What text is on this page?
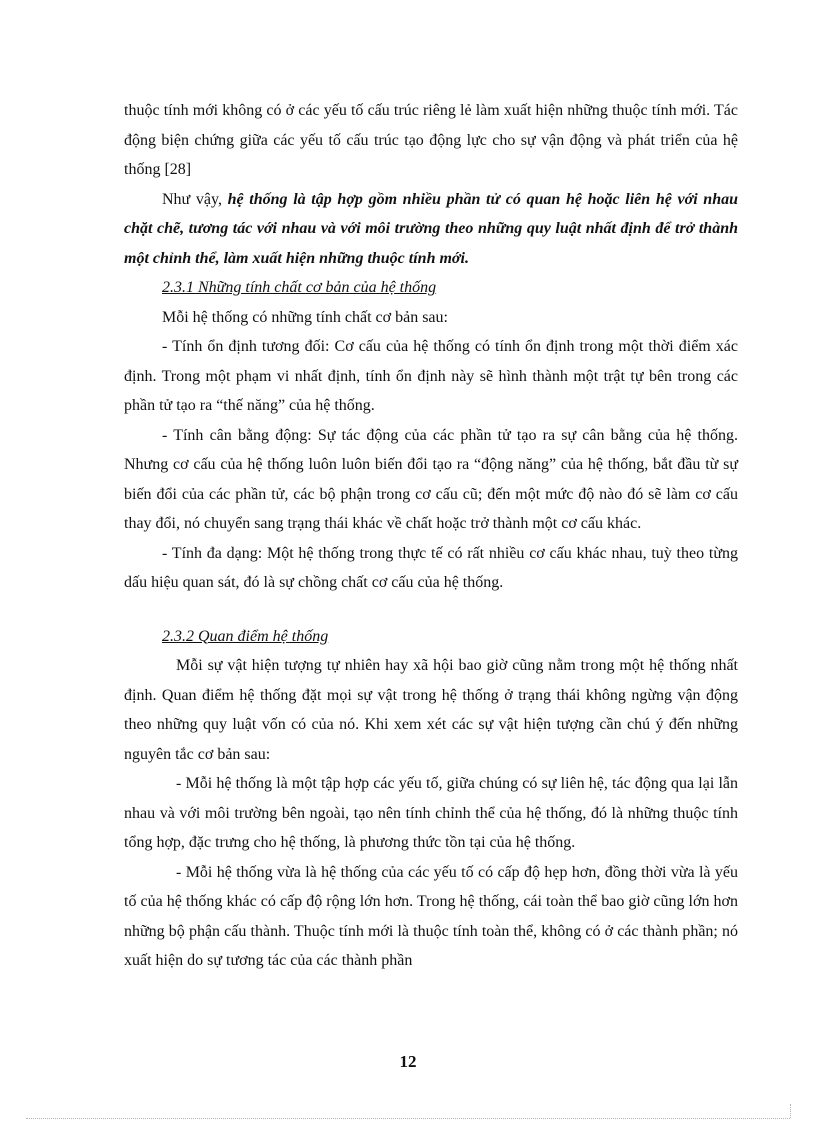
thuộc tính mới không có ở các yếu tố cấu trúc riêng lẻ làm xuất hiện những thuộc tính mới. Tác động biện chứng giữa các yếu tố cấu trúc tạo động lực cho sự vận động và phát triển của hệ thống [28]

Như vậy, hệ thống là tập hợp gồm nhiều phần tử có quan hệ hoặc liên hệ với nhau chặt chẽ, tương tác với nhau và với môi trường theo những quy luật nhất định để trở thành một chỉnh thể, làm xuất hiện những thuộc tính mới.

2.3.1 Những tính chất cơ bản của hệ thống

Mỗi hệ thống có những tính chất cơ bản sau:

- Tính ổn định tương đối: Cơ cấu của hệ thống có tính ổn định trong một thời điểm xác định. Trong một phạm vi nhất định, tính ổn định này sẽ hình thành một trật tự bên trong các phần tử tạo ra “thế năng” của hệ thống.

- Tính cân bằng động: Sự tác động của các phần tử tạo ra sự cân bằng của hệ thống. Nhưng cơ cấu của hệ thống luôn luôn biến đổi tạo ra “động năng” của hệ thống, bắt đầu từ sự biến đổi của các phần tử, các bộ phận trong cơ cấu cũ; đến một mức độ nào đó sẽ làm cơ cấu thay đổi, nó chuyển sang trạng thái khác về chất hoặc trở thành một cơ cấu khác.

- Tính đa dạng: Một hệ thống trong thực tế có rất nhiều cơ cấu khác nhau, tuỳ theo từng dấu hiệu quan sát, đó là sự chồng chất cơ cấu của hệ thống.

2.3.2 Quan điểm hệ thống

Mỗi sự vật hiện tượng tự nhiên hay xã hội bao giờ cũng nằm trong một hệ thống nhất định. Quan điểm hệ thống đặt mọi sự vật trong hệ thống ở trạng thái không ngừng vận động theo những quy luật vốn có của nó. Khi xem xét các sự vật hiện tượng cần chú ý đến những nguyên tắc cơ bản sau:

- Mỗi hệ thống là một tập hợp các yếu tố, giữa chúng có sự liên hệ, tác động qua lại lẫn nhau và với môi trường bên ngoài, tạo nên tính chỉnh thể của hệ thống, đó là những thuộc tính tổng hợp, đặc trưng cho hệ thống, là phương thức tồn tại của hệ thống.

- Mỗi hệ thống vừa là hệ thống của các yếu tố có cấp độ hẹp hơn, đồng thời vừa là yếu tố của hệ thống khác có cấp độ rộng lớn hơn. Trong hệ thống, cái toàn thể bao giờ cũng lớn hơn những bộ phận cấu thành. Thuộc tính mới là thuộc tính toàn thể, không có ở các thành phần; nó xuất hiện do sự tương tác của các thành phần

12
